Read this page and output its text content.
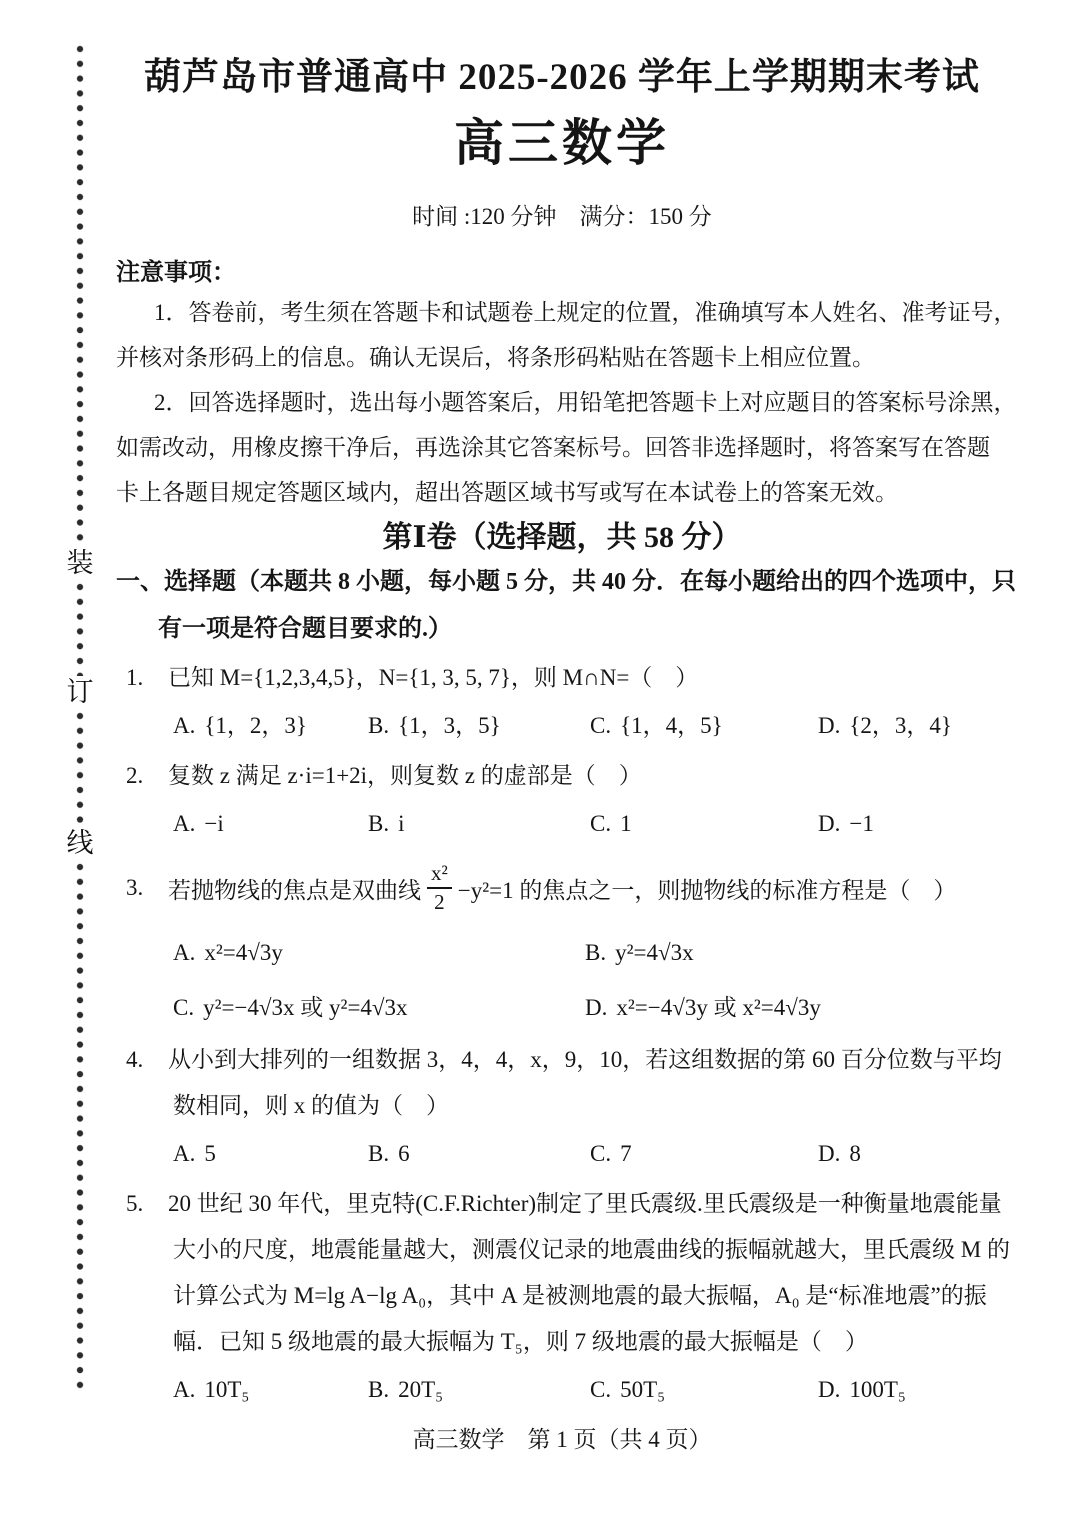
装
订
线
葫芦岛市普通高中 2025-2026 学年上学期期末考试
高三数学
时间 :120 分钟　满分：150 分
注意事项：
1．答卷前，考生须在答题卡和试题卷上规定的位置，准确填写本人姓名、准考证号，
并核对条形码上的信息。确认无误后，将条形码粘贴在答题卡上相应位置。
2．回答选择题时，选出每小题答案后，用铅笔把答题卡上对应题目的答案标号涂黑，
如需改动，用橡皮擦干净后，再选涂其它答案标号。回答非选择题时，将答案写在答题
卡上各题目规定答题区域内，超出答题区域书写或写在本试卷上的答案无效。
第Ⅰ卷（选择题，共 58 分）
一、选择题（本题共 8 小题，每小题 5 分，共 40 分．在每小题给出的四个选项中，只
有一项是符合题目要求的.）
1. 已知 M={1,2,3,4,5}，N={1, 3, 5, 7}，则 M∩N=（　）
A. {1，2，3}	B. {1，3，5}	C. {1，4，5}	D. {2，3，4}
2. 复数 z 满足 z·i=1+2i，则复数 z 的虚部是（　）
A. −i	B. i	C. 1	D. −1
3.	若抛物线的焦点是双曲线 $\frac{\text{x²}}{2} -y^2=1$ 的焦点之一，则抛物线的标准方程是（　）
A. x²=4√3y	B. y²=4√3x
C. y²=−4√3x 或 y²=4√3x	D. x²=−4√3y 或 x²=4√3y
4. 从小到大排列的一组数据 3，4，4，x，9，10，若这组数据的第 60 百分位数与平均
数相同，则 x 的值为（　）
A. 5	B. 6	C. 7	D. 8
5. 20 世纪 30 年代，里克特(C.F.Richter)制定了里氏震级.里氏震级是一种衡量地震能量
大小的尺度，地震能量越大，测震仪记录的地震曲线的振幅就越大，里氏震级 M 的
计算公式为 M=lg A−lg A₀，其中 A 是被测地震的最大振幅，A₀ 是“标准地震”的振
幅．已知 5 级地震的最大振幅为 T₅，则 7 级地震的最大振幅是（　）
A. 10T₅	B. 20T₅	C. 50T₅	D. 100T₅
高三数学　第 1 页（共 4 页）
